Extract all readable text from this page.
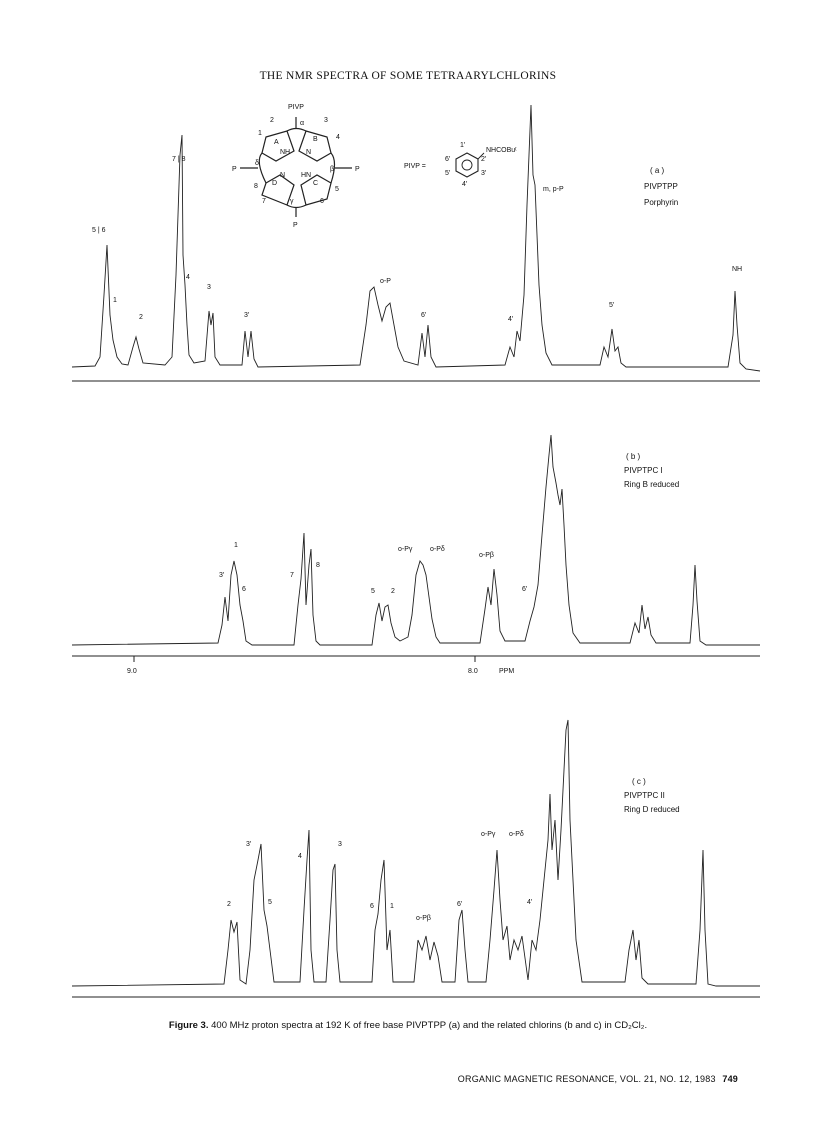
THE NMR SPECTRA OF SOME TETRAARYLCHLORINS
PIVP
α
β
γ
δ
A	B
C
D
NH N
N HN
1
2	3
4
5
6
7
8
P	P
P
PIVP =
NHCOBuᵗ
1′
2′
3′
4′
5′
6′
( a )
PIVPTPP
Porphyrin
5 | 6
1
2
7 | 8
4
3
3′
o-P
6′
4′
m, p-P
5′
NH
( b )
PIVPTPC I
Ring B reduced
9.0	8.0	PPM
1
3′
6
7
8
5 2
o-Pγ	o-Pδ
o-Pβ
6′
( c )
PIVPTPC II
Ring D reduced
3′
4
3
2	5
6 1
o-Pβ
6′
o-Pγ o-Pδ
4′
Figure 3. 400 MHz proton spectra at 192 K of free base PIVPTPP (a) and the related chlorins (b and c) in CD₂Cl₂.
ORGANIC MAGNETIC RESONANCE, VOL. 21, NO. 12, 1983 749
